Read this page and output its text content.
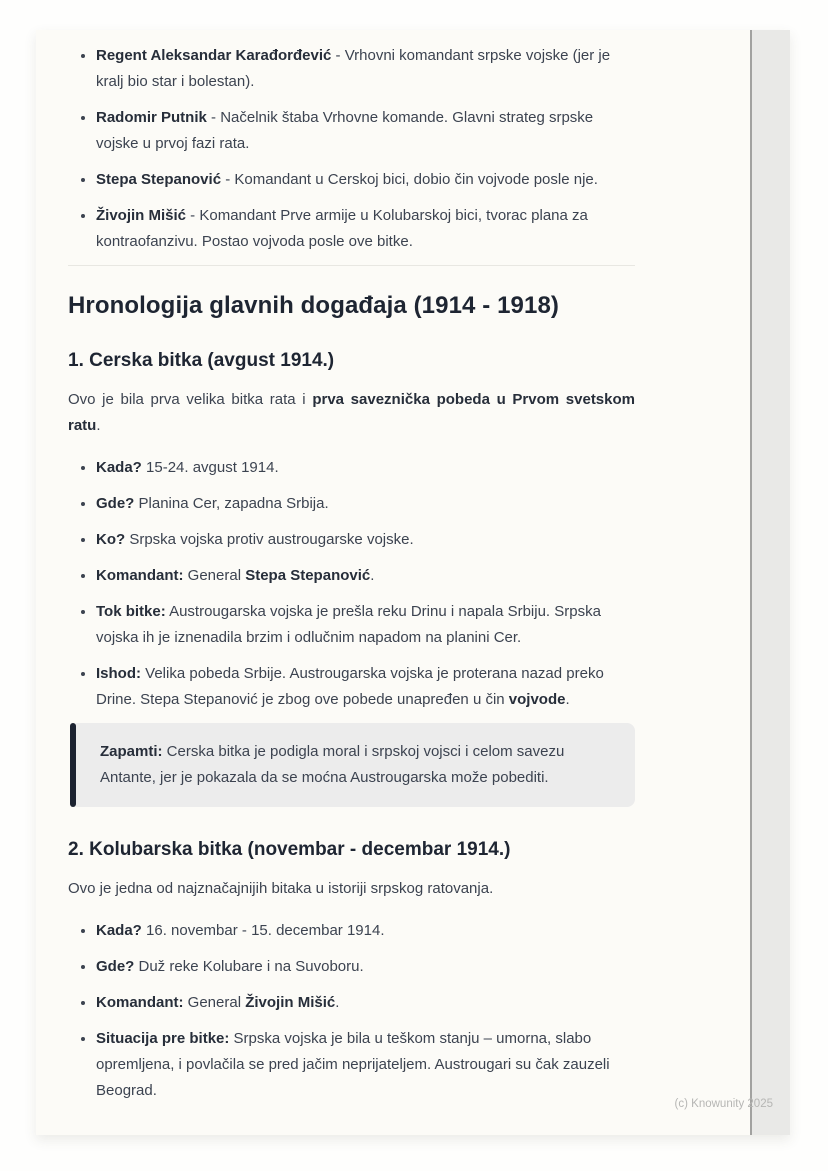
• Regent Aleksandar Karađorđević - Vrhovni komandant srpske vojske (jer je kralj bio star i bolestan).
• Radomir Putnik - Načelnik štaba Vrhovne komande. Glavni strateg srpske vojske u prvoj fazi rata.
• Stepa Stepanović - Komandant u Cerskoj bici, dobio čin vojvode posle nje.
• Živojin Mišić - Komandant Prve armije u Kolubarskoj bici, tvorac plana za kontraofanzivu. Postao vojvoda posle ove bitke.
Hronologija glavnih događaja (1914 - 1918)
1. Cerska bitka (avgust 1914.)

Ovo je bila prva velika bitka rata i prva saveznička pobeda u Prvom svetskom ratu.

• Kada? 15-24. avgust 1914.
• Gde? Planina Cer, zapadna Srbija.
• Ko? Srpska vojska protiv austrougarske vojske.
• Komandant: General Stepa Stepanović.
• Tok bitke: Austrougarska vojska je prešla reku Drinu i napala Srbiju. Srpska vojska ih je iznenadila brzim i odlučnim napadom na planini Cer.
• Ishod: Velika pobeda Srbije. Austrougarska vojska je proterana nazad preko Drine. Stepa Stepanović je zbog ove pobede unapređen u čin vojvode.
Zapamti: Cerska bitka je podigla moral i srpskoj vojsci i celom savezu Antante, jer je pokazala da se moćna Austrougarska može pobediti.
2. Kolubarska bitka (novembar - decembar 1914.)

Ovo je jedna od najznačajnijih bitaka u istoriji srpskog ratovanja.

• Kada? 16. novembar - 15. decembar 1914.
• Gde? Duž reke Kolubare i na Suvoboru.
• Komandant: General Živojin Mišić.
• Situacija pre bitke: Srpska vojska je bila u teškom stanju – umorna, slabo opremljena, i povlačila se pred jačim neprijateljem. Austrougari su čak zauzeli Beograd.
(c) Knowunity 2025
